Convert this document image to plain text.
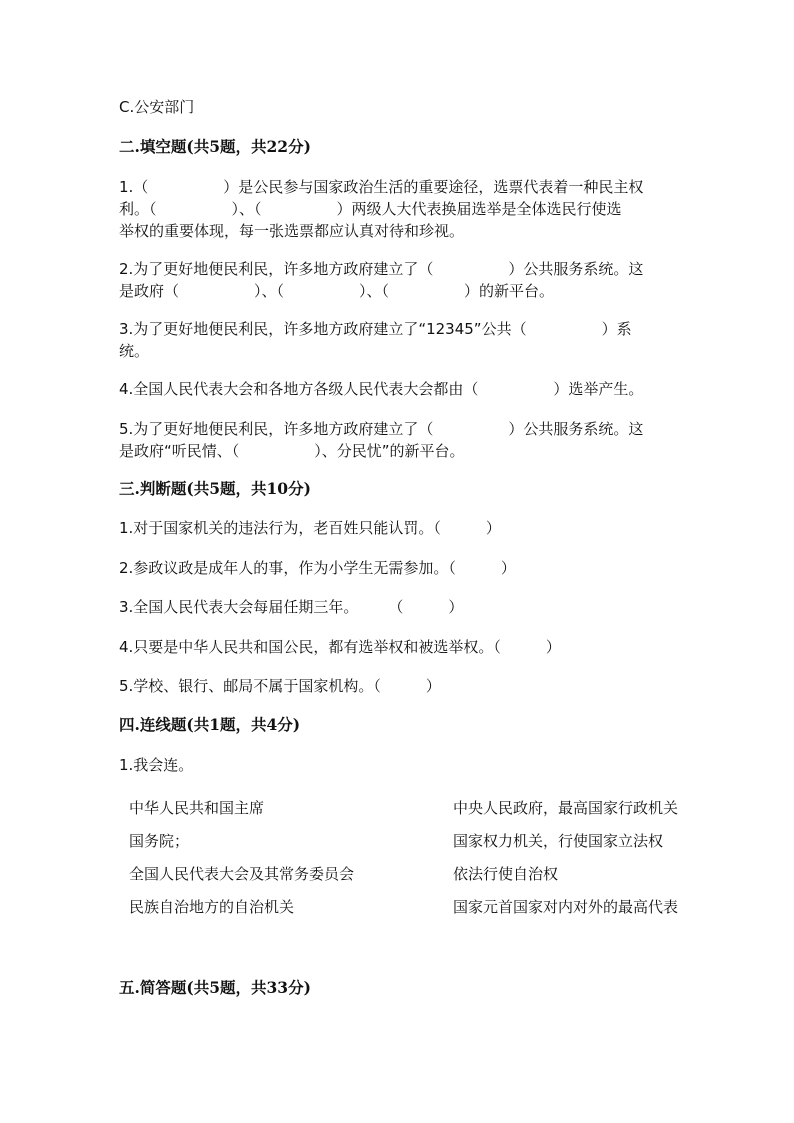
C.公安部门
二.填空题(共5题，共22分)
1.（　　　　　）是公民参与国家政治生活的重要途径，选票代表着一种民主权
利。（　　　　　）、（　　　　　）两级人大代表换届选举是全体选民行使选
举权的重要体现，每一张选票都应认真对待和珍视。
2.为了更好地便民利民，许多地方政府建立了（　　　　　）公共服务系统。这
是政府（　　　　　）、（　　　　　）、（　　　　　）的新平台。
3.为了更好地便民利民，许多地方政府建立了“12345”公共（　　　　　）系
统。
4.全国人民代表大会和各地方各级人民代表大会都由（　　　　　）选举产生。
5.为了更好地便民利民，许多地方政府建立了（　　　　　）公共服务系统。这
是政府“听民情、（　　　　　）、分民忧”的新平台。
三.判断题(共5题，共10分)
1.对于国家机关的违法行为，老百姓只能认罚。（　　　）
2.参政议政是成年人的事，作为小学生无需参加。（　　　）
3.全国人民代表大会每届任期三年。　　　（　　　）
4.只要是中华人民共和国公民，都有选举权和被选举权。（　　　）
5.学校、银行、邮局不属于国家机构。（　　　）
四.连线题(共1题，共4分)
1.我会连。
中华人民共和国主席
国务院；
全国人民代表大会及其常务委员会
民族自治地方的自治机关
中央人民政府，最高国家行政机关
国家权力机关，行使国家立法权
依法行使自治权
国家元首国家对内对外的最高代表
五.简答题(共5题，共33分)
